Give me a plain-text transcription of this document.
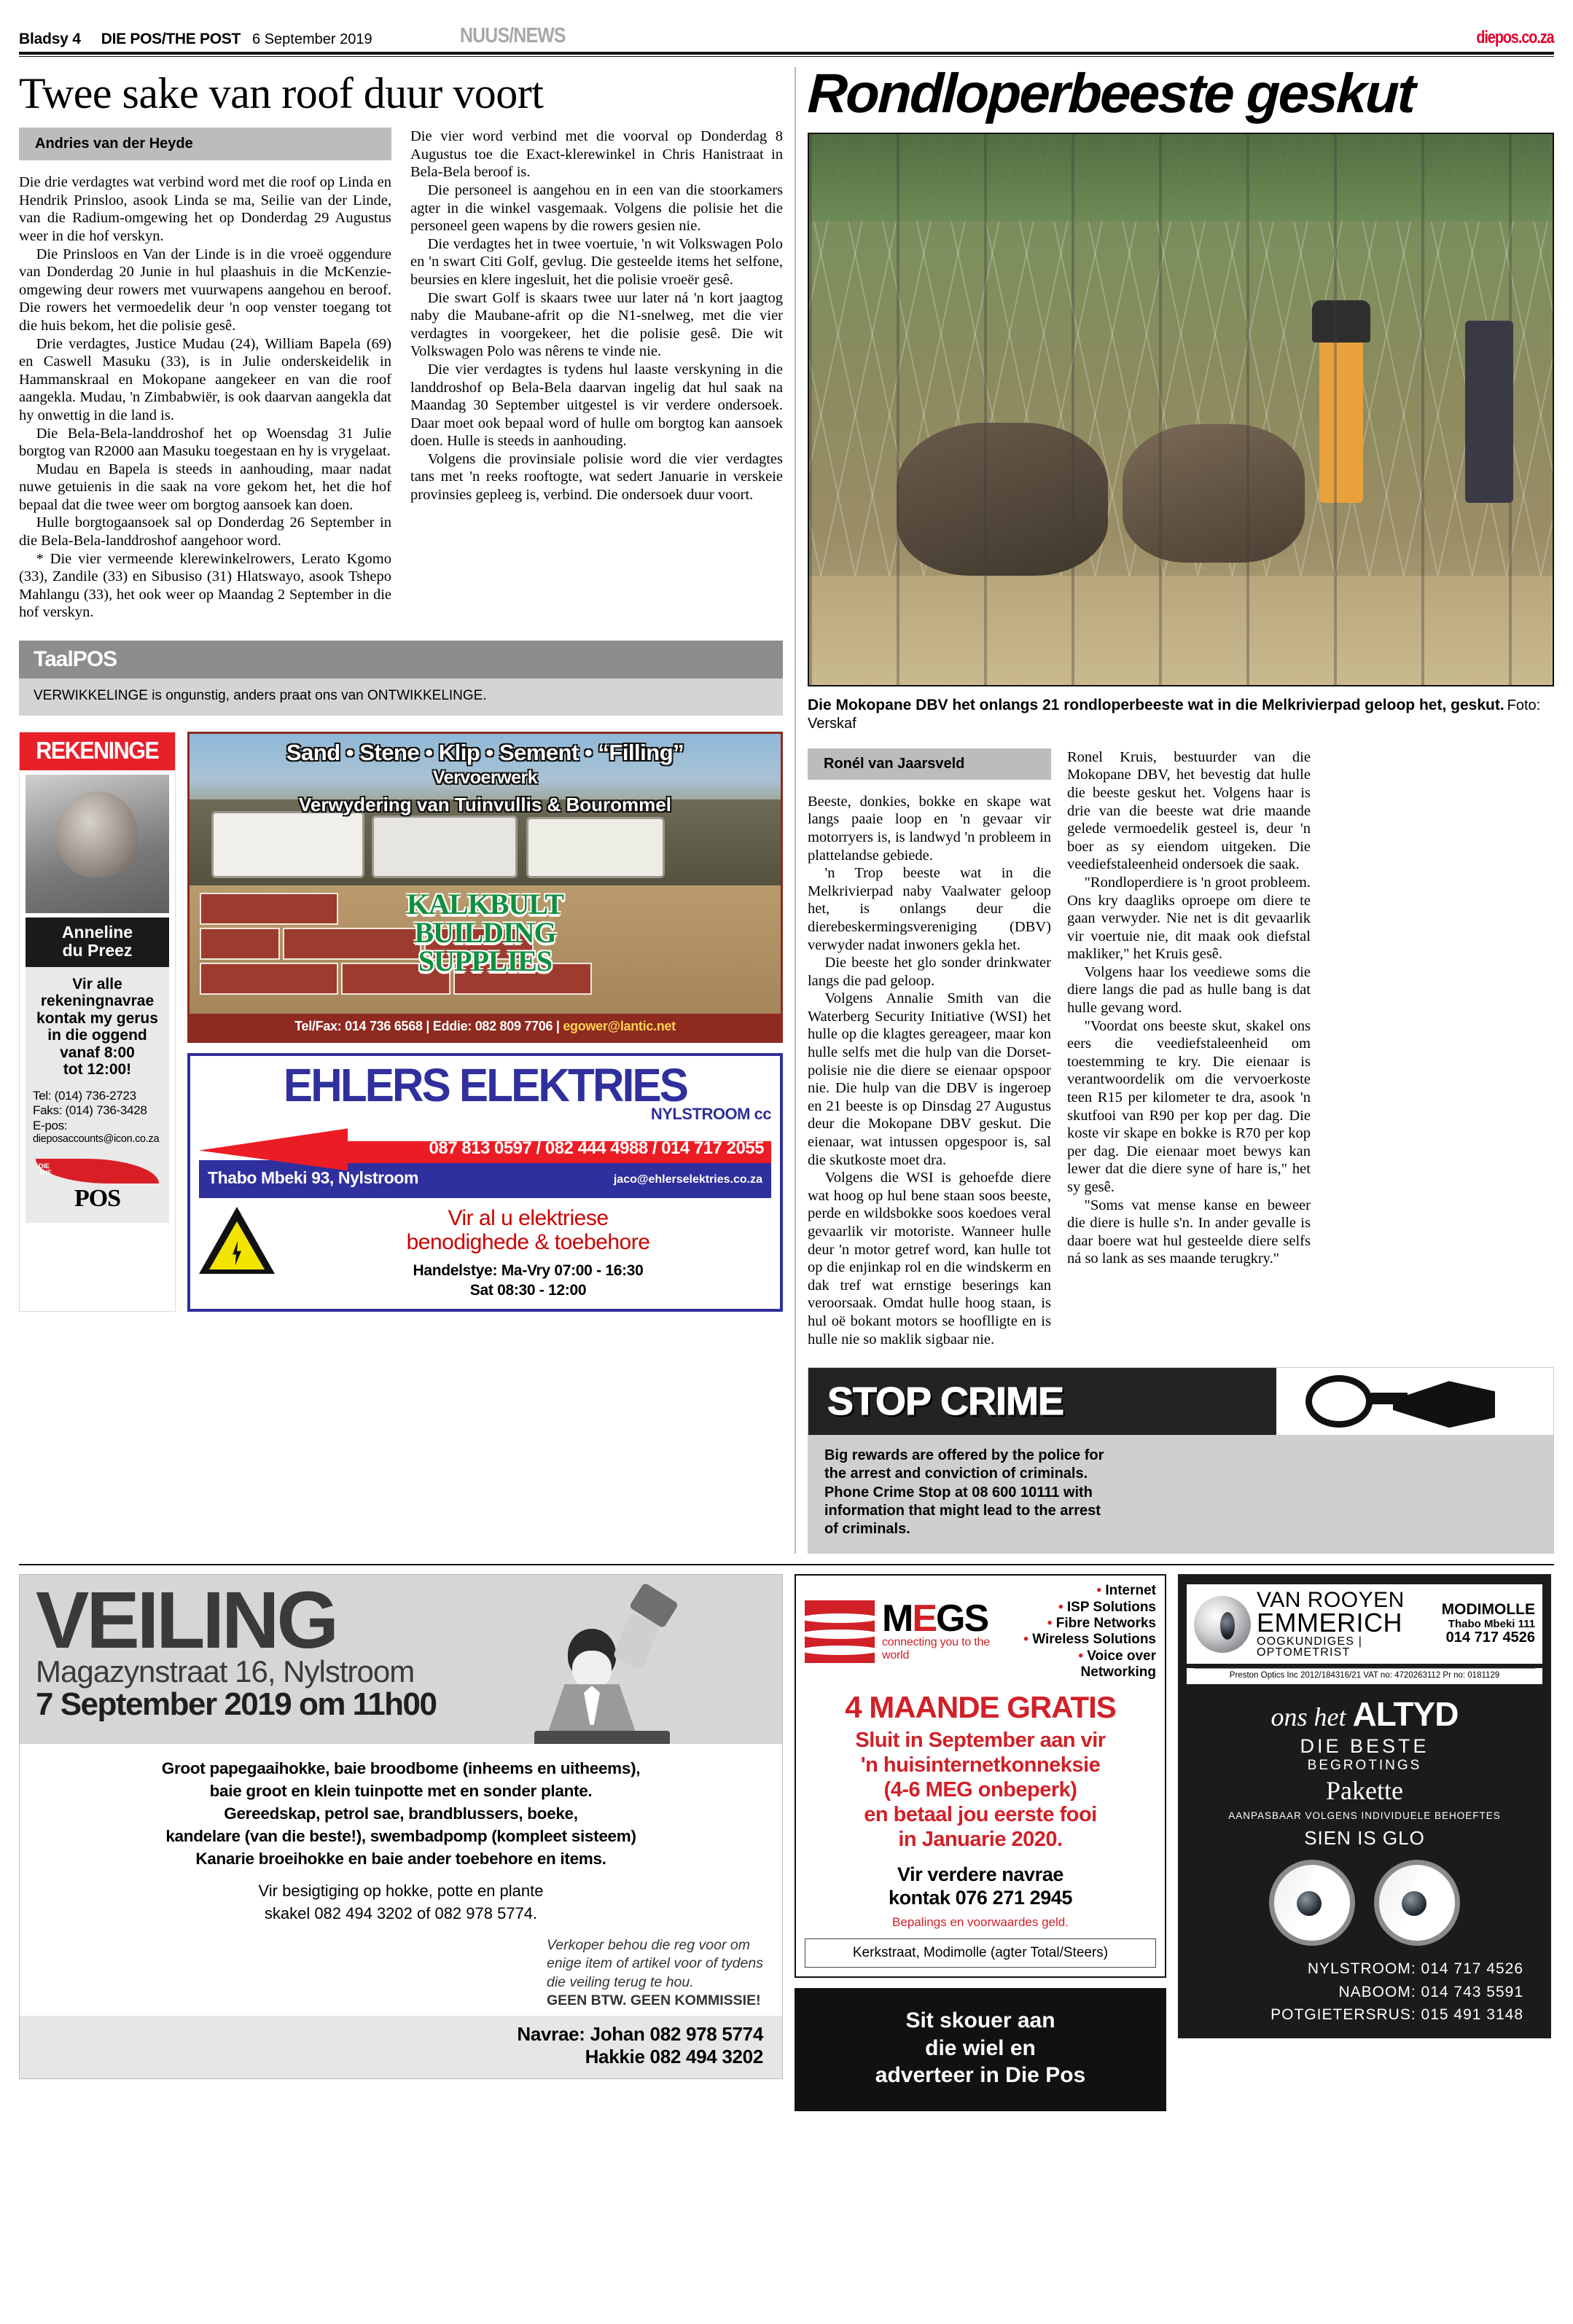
Bladsy 4 DIE POS/THE POST 6 September 2019	NUUS/NEWS	diepos.co.za
Twee sake van roof duur voort
Andries van der Heyde

Die drie verdagtes wat verbind word met die roof op Linda en Hendrik Prinsloo, asook Linda se ma, Seilie van der Linde, van die Radium-omgewing het op Donderdag 29 Augustus weer in die hof verskyn.

Die Prinsloos en Van der Linde is in die vroeë oggendure van Donderdag 20 Junie in hul plaashuis in die McKenzie-omgewing deur rowers met vuurwapens aangehou en beroof. Die rowers het vermoedelik deur 'n oop venster toegang tot die huis bekom, het die polisie gesê.

Drie verdagtes, Justice Mudau (24), William Bapela (69) en Caswell Masuku (33), is in Julie onderskeidelik in Hammanskraal en Mokopane aangekeer en van die roof aangekla. Mudau, 'n Zimbabwiër, is ook daarvan aangekla dat hy onwettig in die land is.

Die Bela-Bela-landdroshof het op Woensdag 31 Julie borgtog van R2000 aan Masuku toegestaan en hy is vrygelaat.

Mudau en Bapela is steeds in aanhouding, maar nadat nuwe getuienis in die saak na vore gekom het, het die hof bepaal dat die twee weer om borgtog aansoek kan doen.

Hulle borgtogaansoek sal op Donderdag 26 September in die Bela-Bela-landdroshof aangehoor word.

* Die vier vermeende klerewinkelrowers, Lerato Kgomo (33), Zandile (33) en Sibusiso (31) Hlatswayo, asook Tshepo Mahlangu (33), het ook weer op Maandag 2 September in die hof verskyn.

Die vier word verbind met die voorval op Donderdag 8 Augustus toe die Exact-klerewinkel in Chris Hanistraat in Bela-Bela beroof is.

Die personeel is aangehou en in een van die stoorkamers agter in die winkel vasgemaak. Volgens die polisie het die personeel geen wapens by die rowers gesien nie.

Die verdagtes het in twee voertuie, 'n wit Volkswagen Polo en 'n swart Citi Golf, gevlug. Die gesteelde items het selfone, beursies en klere ingesluit, het die polisie vroeër gesê.

Die swart Golf is skaars twee uur later ná 'n kort jaagtog naby die Maubane-afrit op die N1-snelweg, met die vier verdagtes in voorgekeer, het die polisie gesê. Die wit Volkswagen Polo was nêrens te vinde nie.

Die vier verdagtes is tydens hul laaste verskyning in die landdroshof op Bela-Bela daarvan ingelig dat hul saak na Maandag 30 September uitgestel is vir verdere ondersoek. Daar moet ook bepaal word of hulle om borgtog kan aansoek doen. Hulle is steeds in aanhouding.

Volgens die provinsiale polisie word die vier verdagtes tans met 'n reeks rooftogte, wat sedert Januarie in verskeie provinsies gepleeg is, verbind. Die ondersoek duur voort.

TaalPOS
VERWIKKELINGE is ongunstig, anders praat ons van ONTWIKKELINGE.
REKENINGE
Anneline
du Preez
Vir alle
rekeningnavrae
kontak my gerus
in die oggend
vanaf 8:00
tot 12:00!
Tel: (014) 736-2723
Faks: (014) 736-3428
E-pos:
dieposaccounts@icon.co.za
DIE
THE
POS
Sand • Stene • Klip • Sement • “Filling”
Vervoerwerk
Verwydering van Tuinvullis & Bourommel
KALKBULT
BUILDING
SUPPLIES
Tel/Fax: 014 736 6568 | Eddie: 082 809 7706 | egower@lantic.net
EHLERS ELEKTRIES
NYLSTROOM cc
087 813 0597 / 082 444 4988 / 014 717 2055
Thabo Mbeki 93, Nylstroom	jaco@ehlerselektries.co.za
Vir al u elektriese
benodighede & toebehore
Handelstye: Ma-Vry 07:00 - 16:30
Sat 08:30 - 12:00
Rondloperbeeste geskut
Die Mokopane DBV het onlangs 21 rondloperbeeste wat in die Melkrivierpad geloop het, geskut. Foto: Verskaf
Ronél van Jaarsveld

Beeste, donkies, bokke en skape wat langs paaie loop en 'n gevaar vir motorryers is, is landwyd 'n probleem in plattelandse gebiede.

'n Trop beeste wat in die Melkrivierpad naby Vaalwater geloop het, is onlangs deur die dierebeskermingsvereniging (DBV) verwyder nadat inwoners gekla het.

Die beeste het glo sonder drinkwater langs die pad geloop.

Volgens Annalie Smith van die Waterberg Security Initiative (WSI) het hulle op die klagtes gereageer, maar kon hulle selfs met die hulp van die Dorset-polisie nie die diere se eienaar opspoor nie. Die hulp van die DBV is ingeroep en 21 beeste is op Dinsdag 27 Augustus deur die Mokopane DBV geskut. Die eienaar, wat intussen opgespoor is, sal die skutkoste moet dra.

Volgens die WSI is gehoefde diere wat hoog op hul bene staan soos beeste, perde en wildsbokke soos koedoes veral gevaarlik vir motoriste. Wanneer hulle deur 'n motor getref word, kan hulle tot op die enjinkap rol en die windskerm en dak tref wat ernstige beserings kan veroorsaak. Omdat hulle hoog staan, is hul oë bokant motors se hooflligte en is hulle nie so maklik sigbaar nie.

Ronel Kruis, bestuurder van die Mokopane DBV, het bevestig dat hulle die beeste geskut het. Volgens haar is drie van die beeste wat drie maande gelede vermoedelik gesteel is, deur 'n boer as sy eiendom uitgeken. Die veediefstaleenheid ondersoek die saak.

"Rondloperdiere is 'n groot probleem. Ons kry daagliks oproepe om diere te gaan verwyder. Nie net is dit gevaarlik vir voertuie nie, dit maak ook diefstal makliker," het Kruis gesê.

Volgens haar los veediewe soms die diere langs die pad as hulle bang is dat hulle gevang word.

"Voordat ons beeste skut, skakel ons eers die veediefstaleenheid om toestemming te kry. Die eienaar is verantwoordelik om die vervoerkoste teen R15 per kilometer te dra, asook 'n skutfooi van R90 per kop per dag. Die koste vir skape en bokke is R70 per kop per dag. Die eienaar moet bewys kan lewer dat die diere syne of hare is," het sy gesê.

"Soms vat mense kanse en beweer die diere is hulle s'n. In ander gevalle is daar boere wat hul gesteelde diere selfs ná so lank as ses maande terugkry."

STOP CRIME
Big rewards are offered by the police for
the arrest and conviction of criminals.
Phone Crime Stop at 08 600 10111 with
information that might lead to the arrest
of criminals.
VEILING
Magazynstraat 16, Nylstroom
7 September 2019 om 11h00
Groot papegaaihokke, baie broodbome (inheems en uitheems),
baie groot en klein tuinpotte met en sonder plante.
Gereedskap, petrol sae, brandblussers, boeke,
kandelare (van die beste!), swembadpomp (kompleet sisteem)
Kanarie broeihokke en baie ander toebehore en items.
Vir besigtiging op hokke, potte en plante
skakel 082 494 3202 of 082 978 5774.
Verkoper behou die reg voor om
enige item of artikel voor of tydens
die veiling terug te hou.
GEEN BTW. GEEN KOMMISSIE!
Navrae: Johan 082 978 5774
Hakkie 082 494 3202
MEGS
connecting you to the world
• Internet
• ISP Solutions
• Fibre Networks
• Wireless Solutions
• Voice over Networking
4 MAANDE GRATIS
Sluit in September aan vir
'n huisinternetkonneksie
(4-6 MEG onbeperk)
en betaal jou eerste fooi
in Januarie 2020.
Vir verdere navrae
kontak 076 271 2945
Bepalings en voorwaardes geld.
Kerkstraat, Modimolle (agter Total/Steers)
Sit skouer aan
die wiel en
adverteer in Die Pos
VAN ROOYEN
EMMERICH
OOGKUNDIGES | OPTOMETRIST
MODIMOLLE
Thabo Mbeki 111
014 717 4526
Preston Optics Inc 2012/184316/21 VAT no: 4720263112 Pr no: 0181129
ons het ALTYD
DIE BESTE
BEGROTINGS
Pakette
AANPASBAAR VOLGENS INDIVIDUELE BEHOEFTES
SIEN IS GLO
NYLSTROOM: 014 717 4526
NABOOM: 014 743 5591
POTGIETERSRUS: 015 491 3148
